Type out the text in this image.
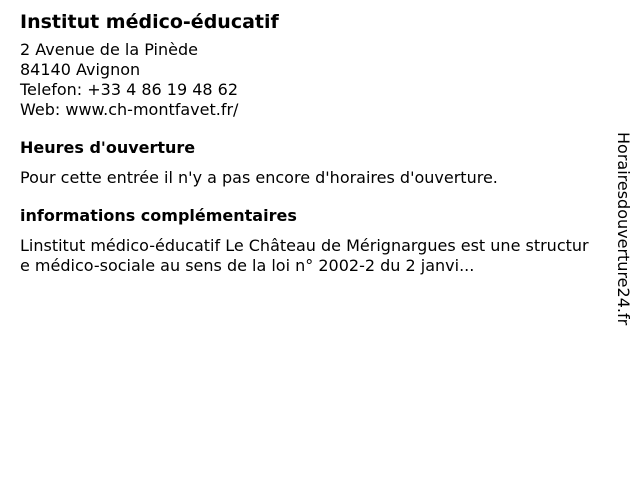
Institut médico-éducatif
2 Avenue de la Pinède
84140 Avignon
Telefon: +33 4 86 19 48 62
Web: www.ch-montfavet.fr/
Heures d'ouverture
Pour cette entrée il n'y a pas encore d'horaires d'ouverture.
informations complémentaires
Linstitut médico-éducatif Le Château de Mérignargues est une structure médico-sociale au sens de la loi n° 2002-2 du 2 janvi...	Horairesdouverture24.fr
